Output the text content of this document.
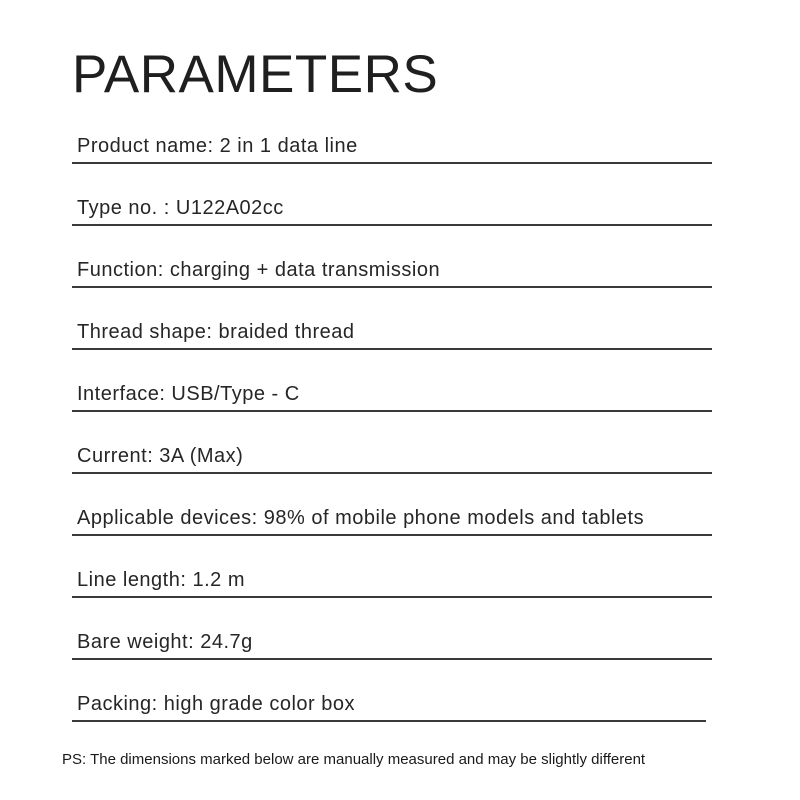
PARAMETERS
Product name: 2 in 1 data line
Type no. : U122A02cc
Function: charging + data transmission
Thread shape: braided thread
Interface: USB/Type - C
Current: 3A (Max)
Applicable devices: 98% of mobile phone models and tablets
Line length: 1.2 m
Bare weight: 24.7g
Packing: high grade color box

PS: The dimensions marked below are manually measured and may be slightly different
